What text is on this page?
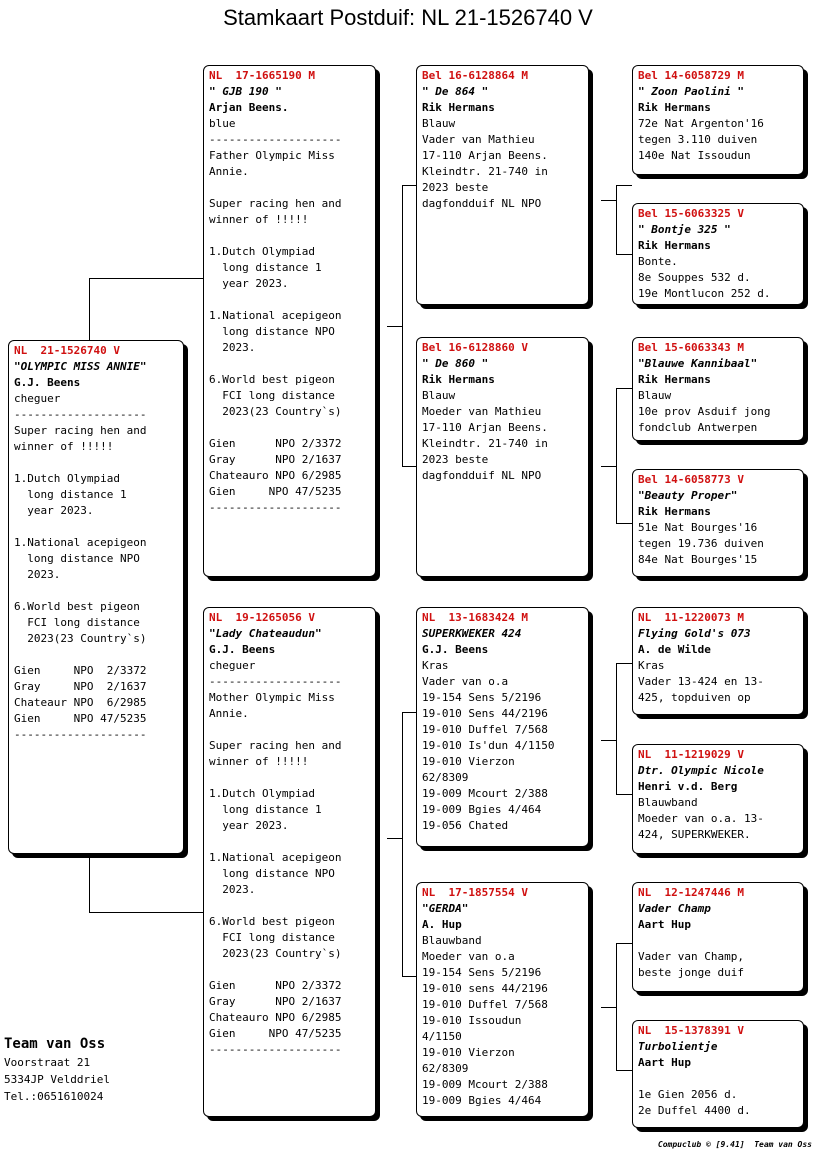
Stamkaart Postduif: NL 21-1526740 V
NL  21-1526740 V
"OLYMPIC MISS ANNIE"
G.J. Beens
cheguer
--------------------
Super racing hen and
winner of !!!!!

1.Dutch Olympiad
long distance 1
year 2023.

1.National acepigeon
long distance NPO
2023.

6.World best pigeon
FCI long distance
2023(23 Country`s)

Gien     NPO  2/3372
Gray     NPO  2/1637
Chateaur NPO  6/2985
Gien     NPO 47/5235
--------------------
NL  17-1665190 M
" GJB 190 "
Arjan Beens.
blue
--------------------
Father Olympic Miss
Annie.

Super racing hen and
winner of !!!!!

1.Dutch Olympiad
long distance 1
year 2023.

1.National acepigeon
long distance NPO
2023.

6.World best pigeon
FCI long distance
2023(23 Country`s)

Gien      NPO 2/3372
Gray      NPO 2/1637
Chateauro NPO 6/2985
Gien     NPO 47/5235
--------------------
NL  19-1265056 V
"Lady Chateaudun"
G.J. Beens
cheguer
--------------------
Mother Olympic Miss
Annie.

Super racing hen and
winner of !!!!!

1.Dutch Olympiad
long distance 1
year 2023.

1.National acepigeon
long distance NPO
2023.

6.World best pigeon
FCI long distance
2023(23 Country`s)

Gien      NPO 2/3372
Gray      NPO 2/1637
Chateauro NPO 6/2985
Gien     NPO 47/5235
--------------------
Bel 16-6128864 M
" De 864 "
Rik Hermans
Blauw
Vader van Mathieu
17-110 Arjan Beens.
Kleindtr. 21-740 in
2023 beste
dagfondduif NL NPO
Bel 16-6128860 V
" De 860 "
Rik Hermans
Blauw
Moeder van Mathieu
17-110 Arjan Beens.
Kleindtr. 21-740 in
2023 beste
dagfondduif NL NPO
NL  13-1683424 M
SUPERKWEKER 424
G.J. Beens
Kras
Vader van o.a
19-154 Sens 5/2196
19-010 Sens 44/2196
19-010 Duffel 7/568
19-010 Is'dun 4/1150
19-010 Vierzon
62/8309
19-009 Mcourt 2/388
19-009 Bgies 4/464
19-056 Chated
NL  17-1857554 V
"GERDA"
A. Hup
Blauwband
Moeder van o.a
19-154 Sens 5/2196
19-010 sens 44/2196
19-010 Duffel 7/568
19-010 Issoudun
4/1150
19-010 Vierzon
62/8309
19-009 Mcourt 2/388
19-009 Bgies 4/464
Bel 14-6058729 M
" Zoon Paolini "
Rik Hermans
72e Nat Argenton'16
tegen 3.110 duiven
140e Nat Issoudun
Bel 15-6063325 V
" Bontje 325 "
Rik Hermans
Bonte.
8e Souppes 532 d.
19e Montlucon 252 d.
Bel 15-6063343 M
"Blauwe Kannibaal"
Rik Hermans
Blauw
10e prov Asduif jong
fondclub Antwerpen
Bel 14-6058773 V
"Beauty Proper"
Rik Hermans
51e Nat Bourges'16
tegen 19.736 duiven
84e Nat Bourges'15
NL  11-1220073 M
Flying Gold's 073
A. de Wilde
Kras
Vader 13-424 en 13-
425, topduiven op
NL  11-1219029 V
Dtr. Olympic Nicole
Henri v.d. Berg
Blauwband
Moeder van o.a. 13-
424, SUPERKWEKER.
NL  12-1247446 M
Vader Champ
Aart Hup

Vader van Champ,
beste jonge duif
NL  15-1378391 V
Turbolientje
Aart Hup

1e Gien 2056 d.
2e Duffel 4400 d.
Team van Oss
Voorstraat 21
5334JP Velddriel
Tel.:0651610024
Compuclub © [9.41]  Team van Oss
